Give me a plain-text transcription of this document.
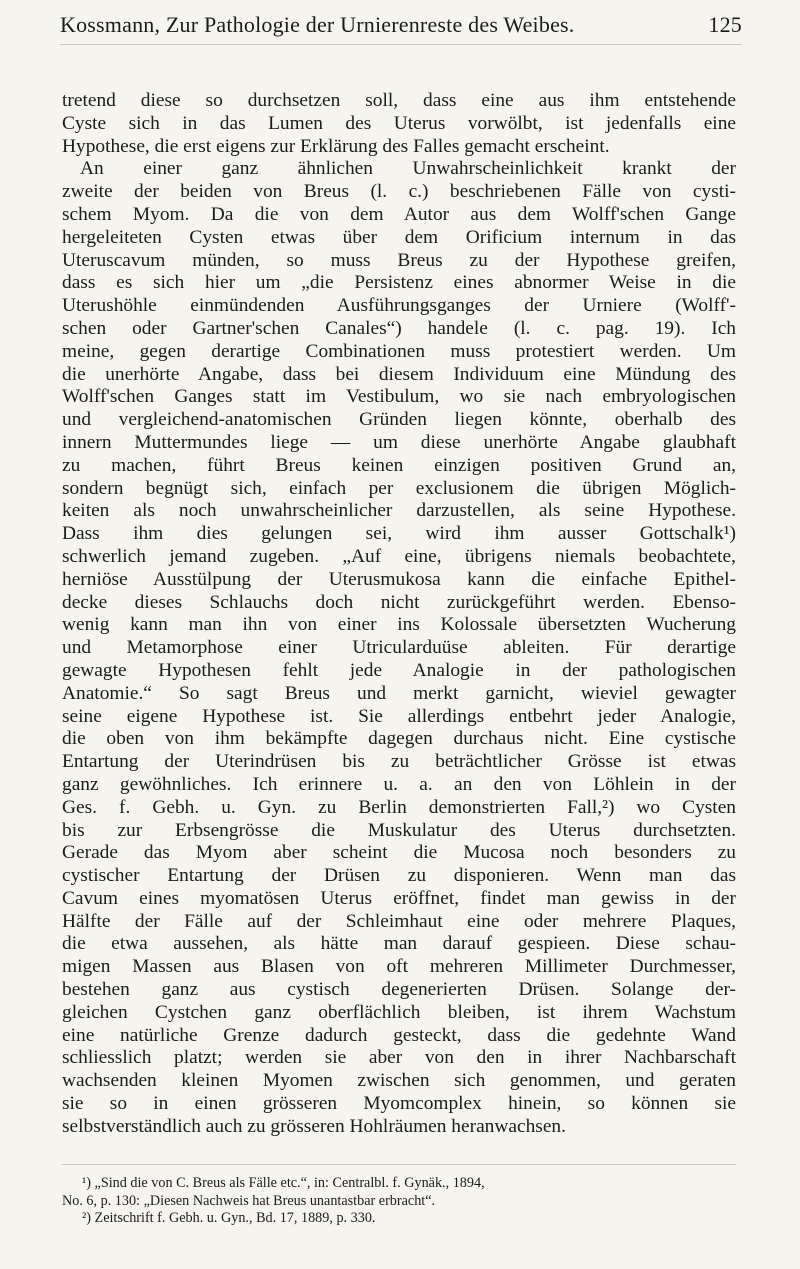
Kossmann, Zur Pathologie der Urnierenreste des Weibes.	125
tretend diese so durchsetzen soll, dass eine aus ihm entstehende
Cyste sich in das Lumen des Uterus vorwölbt, ist jedenfalls eine
Hypothese, die erst eigens zur Erklärung des Falles gemacht erscheint.
An einer ganz ähnlichen Unwahrscheinlichkeit krankt der
zweite der beiden von Breus (l. c.) beschriebenen Fälle von cysti-
schem Myom. Da die von dem Autor aus dem Wolff'schen Gange
hergeleiteten Cysten etwas über dem Orificium internum in das
Uteruscavum münden, so muss Breus zu der Hypothese greifen,
dass es sich hier um „die Persistenz eines abnormer Weise in die
Uterushöhle einmündenden Ausführungsganges der Urniere (Wolff'-
schen oder Gartner'schen Canales“) handele (l. c. pag. 19). Ich
meine, gegen derartige Combinationen muss protestiert werden. Um
die unerhörte Angabe, dass bei diesem Individuum eine Mündung des
Wolff'schen Ganges statt im Vestibulum, wo sie nach embryologischen
und vergleichend-anatomischen Gründen liegen könnte, oberhalb des
innern Muttermundes liege — um diese unerhörte Angabe glaubhaft
zu machen, führt Breus keinen einzigen positiven Grund an,
sondern begnügt sich, einfach per exclusionem die übrigen Möglich-
keiten als noch unwahrscheinlicher darzustellen, als seine Hypothese.
Dass ihm dies gelungen sei, wird ihm ausser Gottschalk¹)
schwerlich jemand zugeben. „Auf eine, übrigens niemals beobachtete,
herniöse Ausstülpung der Uterusmukosa kann die einfache Epithel-
decke dieses Schlauchs doch nicht zurückgeführt werden. Ebenso-
wenig kann man ihn von einer ins Kolossale übersetzten Wucherung
und Metamorphose einer Utricularduüse ableiten. Für derartige
gewagte Hypothesen fehlt jede Analogie in der pathologischen
Anatomie.“ So sagt Breus und merkt garnicht, wieviel gewagter
seine eigene Hypothese ist. Sie allerdings entbehrt jeder Analogie,
die oben von ihm bekämpfte dagegen durchaus nicht. Eine cystische
Entartung der Uterindrüsen bis zu beträchtlicher Grösse ist etwas
ganz gewöhnliches. Ich erinnere u. a. an den von Löhlein in der
Ges. f. Gebh. u. Gyn. zu Berlin demonstrierten Fall,²) wo Cysten
bis zur Erbsengrösse die Muskulatur des Uterus durchsetzten.
Gerade das Myom aber scheint die Mucosa noch besonders zu
cystischer Entartung der Drüsen zu disponieren. Wenn man das
Cavum eines myomatösen Uterus eröffnet, findet man gewiss in der
Hälfte der Fälle auf der Schleimhaut eine oder mehrere Plaques,
die etwa aussehen, als hätte man darauf gespieen. Diese schau-
migen Massen aus Blasen von oft mehreren Millimeter Durchmesser,
bestehen ganz aus cystisch degenerierten Drüsen. Solange der-
gleichen Cystchen ganz oberflächlich bleiben, ist ihrem Wachstum
eine natürliche Grenze dadurch gesteckt, dass die gedehnte Wand
schliesslich platzt; werden sie aber von den in ihrer Nachbarschaft
wachsenden kleinen Myomen zwischen sich genommen, und geraten
sie so in einen grösseren Myomcomplex hinein, so können sie
selbstverständlich auch zu grösseren Hohlräumen heranwachsen.
¹) „Sind die von C. Breus als Fälle etc.“, in: Centralbl. f. Gynäk., 1894,
No. 6, p. 130: „Diesen Nachweis hat Breus unantastbar erbracht“.
²) Zeitschrift f. Gebh. u. Gyn., Bd. 17, 1889, p. 330.
